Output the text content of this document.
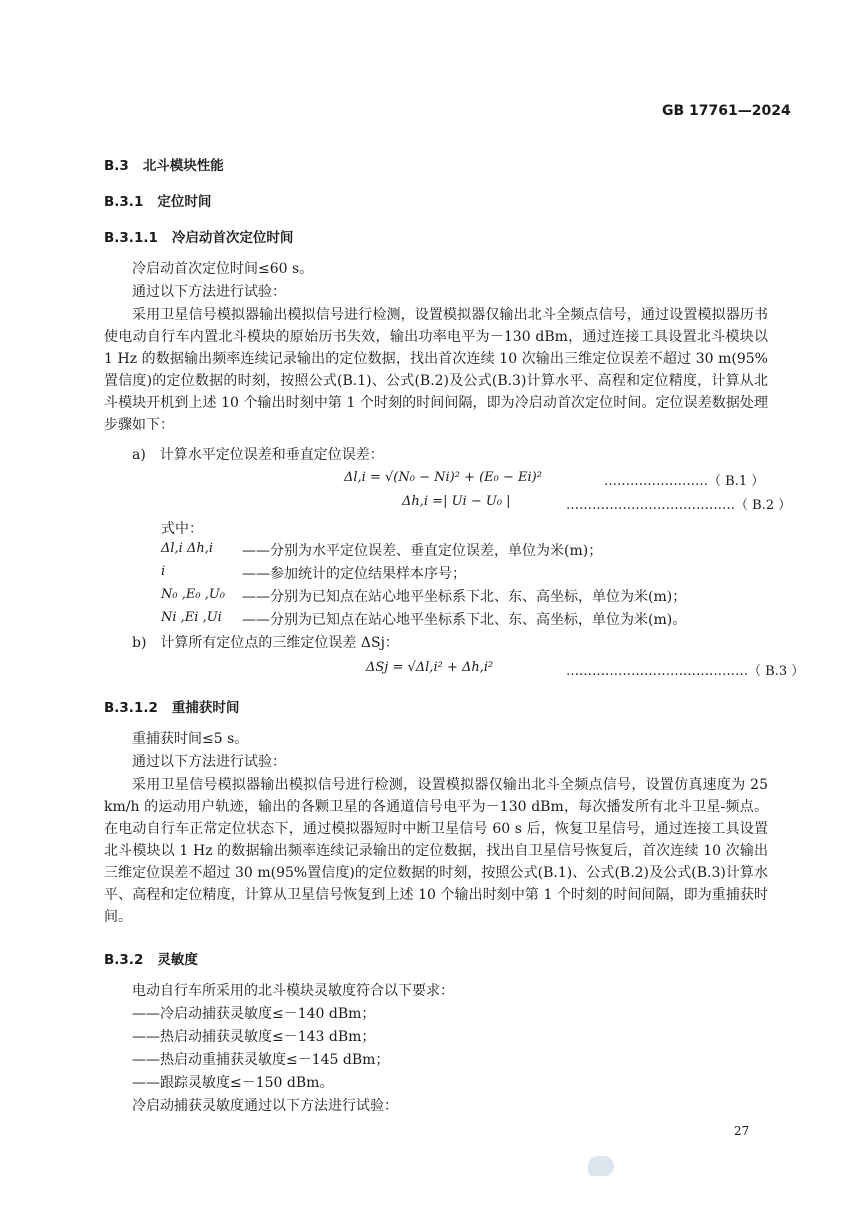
GB 17761—2024
B.3 北斗模块性能
B.3.1 定位时间
B.3.1.1 冷启动首次定位时间
冷启动首次定位时间≤60 s。
通过以下方法进行试验：
采用卫星信号模拟器输出模拟信号进行检测，设置模拟器仅输出北斗全频点信号，通过设置模拟器历书使电动自行车内置北斗模块的原始历书失效，输出功率电平为－130 dBm，通过连接工具设置北斗模块以 1 Hz 的数据输出频率连续记录输出的定位数据，找出首次连续 10 次输出三维定位误差不超过 30 m(95%置信度)的定位数据的时刻，按照公式(B.1)、公式(B.2)及公式(B.3)计算水平、高程和定位精度，计算从北斗模块开机到上述 10 个输出时刻中第 1 个时刻的时间间隔，即为冷启动首次定位时间。定位误差数据处理步骤如下：
a)　计算水平定位误差和垂直定位误差：
Δl,i = √(N₀ − Ni)² + (E₀ − Ei)²	……………………（ B.1 ）
Δh,i =| Ui − U₀ |	…………………………………（ B.2 ）
式中：
Δl,i Δh,i ——分别为水平定位误差、垂直定位误差，单位为米(m)；
i	——参加统计的定位结果样本序号；
N₀ ,E₀ ,U₀ ——分别为已知点在站心地平坐标系下北、东、高坐标，单位为米(m)；
Ni ,Ei ,Ui ——分别为已知点在站心地平坐标系下北、东、高坐标，单位为米(m)。
b)　计算所有定位点的三维定位误差 ΔSj：
ΔSj = √Δl,i² + Δh,i²	……………………………………（ B.3 ）
B.3.1.2 重捕获时间
重捕获时间≤5 s。
通过以下方法进行试验：
采用卫星信号模拟器输出模拟信号进行检测，设置模拟器仅输出北斗全频点信号，设置仿真速度为 25 km/h 的运动用户轨迹，输出的各颗卫星的各通道信号电平为－130 dBm，每次播发所有北斗卫星-频点。在电动自行车正常定位状态下，通过模拟器短时中断卫星信号 60 s 后，恢复卫星信号，通过连接工具设置北斗模块以 1 Hz 的数据输出频率连续记录输出的定位数据，找出自卫星信号恢复后，首次连续 10 次输出三维定位误差不超过 30 m(95%置信度)的定位数据的时刻，按照公式(B.1)、公式(B.2)及公式(B.3)计算水平、高程和定位精度，计算从卫星信号恢复到上述 10 个输出时刻中第 1 个时刻的时间间隔，即为重捕获时间。
B.3.2 灵敏度
电动自行车所采用的北斗模块灵敏度符合以下要求：
——冷启动捕获灵敏度≤－140 dBm；
——热启动捕获灵敏度≤－143 dBm；
——热启动重捕获灵敏度≤－145 dBm；
——跟踪灵敏度≤－150 dBm。
冷启动捕获灵敏度通过以下方法进行试验：
27
